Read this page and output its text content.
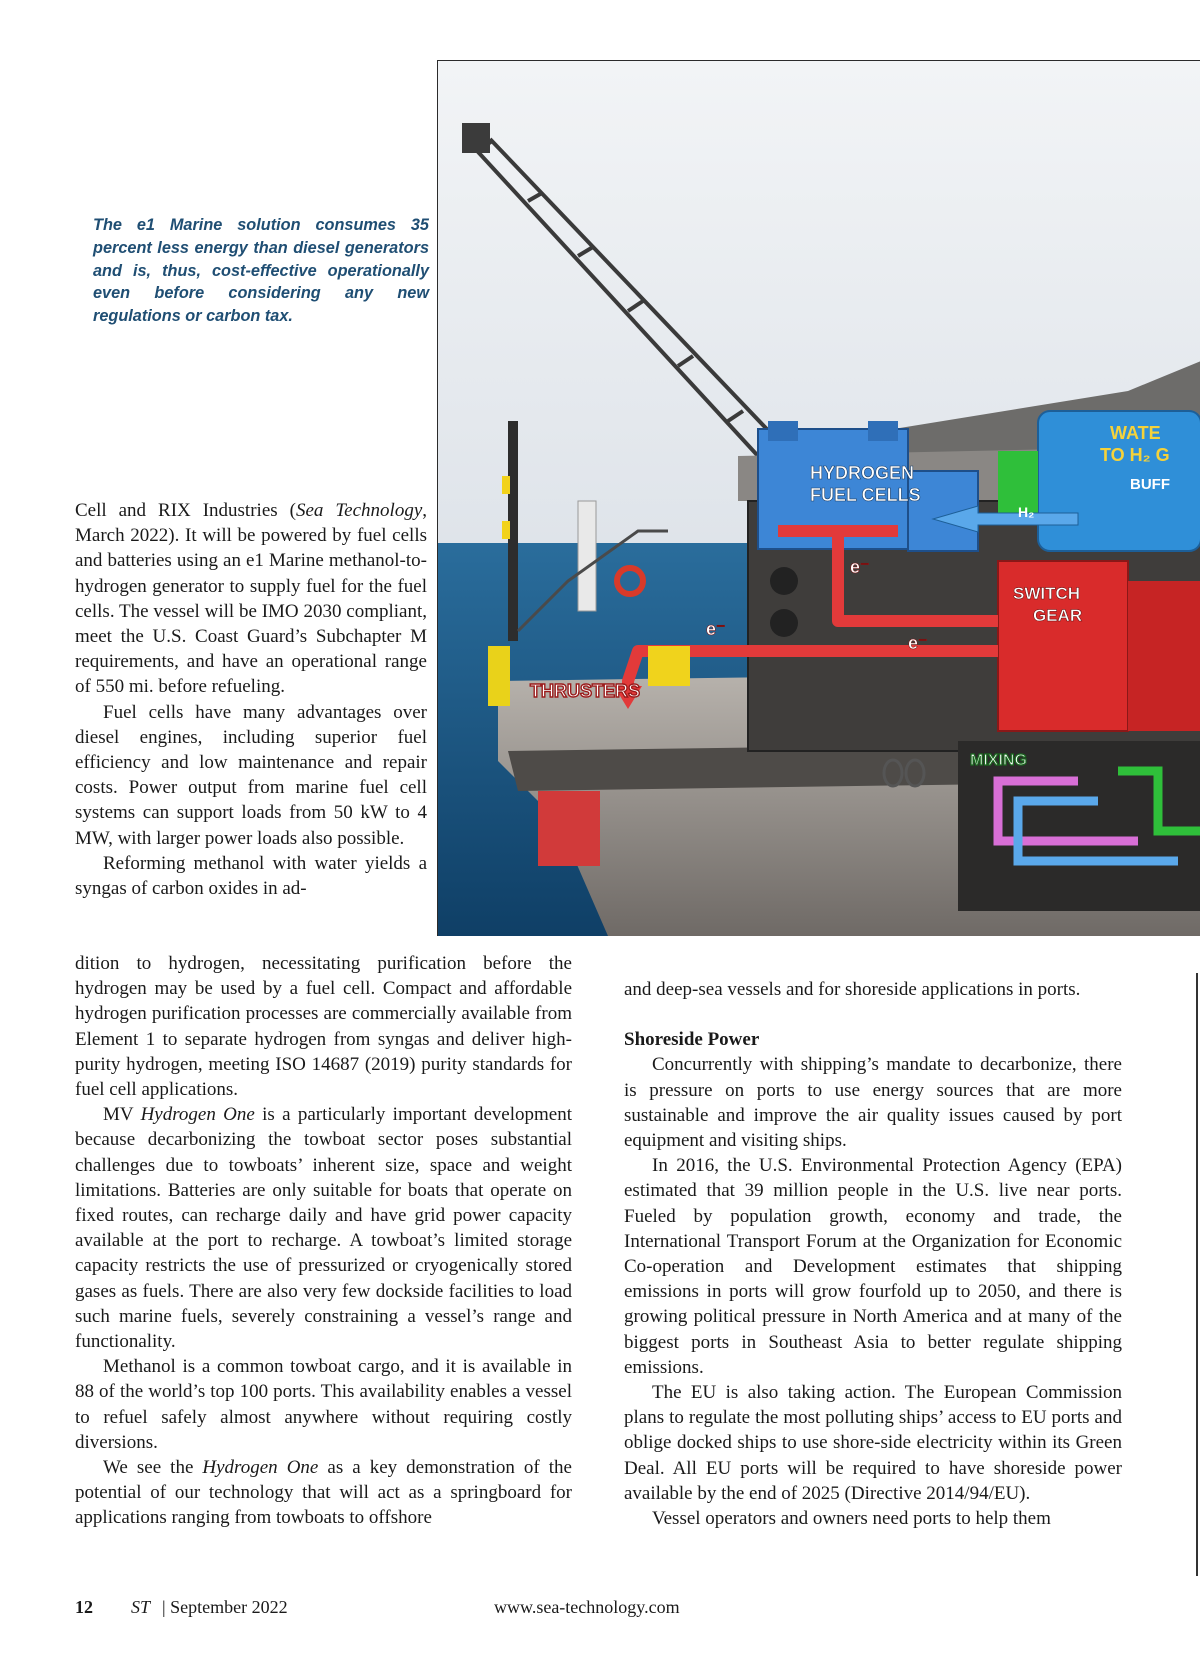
The e1 Marine solution consumes 35 percent less energy than diesel generators and is, thus, cost-effective operationally even before considering any new regulations or carbon tax.
HYDROGEN
FUEL CELLS
WATE
TO H₂ G
BUFF
H₂
SWITCH
GEAR
e⁻
e⁻
e⁻
THRUSTERS
MIXING

Cell and RIX Industries (Sea Technology, March 2022). It will be powered by fuel cells and batteries using an e1 Marine methanol-to-hydrogen generator to supply fuel for the fuel cells. The vessel will be IMO 2030 compliant, meet the U.S. Coast Guard’s Subchapter M requirements, and have an operational range of 550 mi. before refueling.

Fuel cells have many advantages over diesel engines, including superior fuel efficiency and low maintenance and repair costs. Power output from marine fuel cell systems can support loads from 50 kW to 4 MW, with larger power loads also possible.

Reforming methanol with water yields a syngas of carbon oxides in ad-

dition to hydrogen, necessitating purification before the hydrogen may be used by a fuel cell. Compact and affordable hydrogen purification processes are commercially available from Element 1 to separate hydrogen from syngas and deliver high-purity hydrogen, meeting ISO 14687 (2019) purity standards for fuel cell applications.

MV Hydrogen One is a particularly important development because decarbonizing the towboat sector poses substantial challenges due to towboats’ inherent size, space and weight limitations. Batteries are only suitable for boats that operate on fixed routes, can recharge daily and have grid power capacity available at the port to recharge. A towboat’s limited storage capacity restricts the use of pressurized or cryogenically stored gases as fuels. There are also very few dockside facilities to load such marine fuels, severely constraining a vessel’s range and functionality.

Methanol is a common towboat cargo, and it is available in 88 of the world’s top 100 ports. This availability enables a vessel to refuel safely almost anywhere without requiring costly diversions.

We see the Hydrogen One as a key demonstration of the potential of our technology that will act as a springboard for applications ranging from towboats to offshore

and deep-sea vessels and for shoreside applications in ports.

Shoreside Power

Concurrently with shipping’s mandate to decarbonize, there is pressure on ports to use energy sources that are more sustainable and improve the air quality issues caused by port equipment and visiting ships.

In 2016, the U.S. Environmental Protection Agency (EPA) estimated that 39 million people in the U.S. live near ports. Fueled by population growth, economy and trade, the International Transport Forum at the Organization for Economic Co-operation and Development estimates that shipping emissions in ports will grow fourfold up to 2050, and there is growing political pressure in North America and at many of the biggest ports in Southeast Asia to better regulate shipping emissions.

The EU is also taking action. The European Commission plans to regulate the most polluting ships’ access to EU ports and oblige docked ships to use shore-side electricity within its Green Deal. All EU ports will be required to have shoreside power available by the end of 2025 (Directive 2014/94/EU).

Vessel operators and owners need ports to help them

12 ST | September 2022	www.sea-technology.com
